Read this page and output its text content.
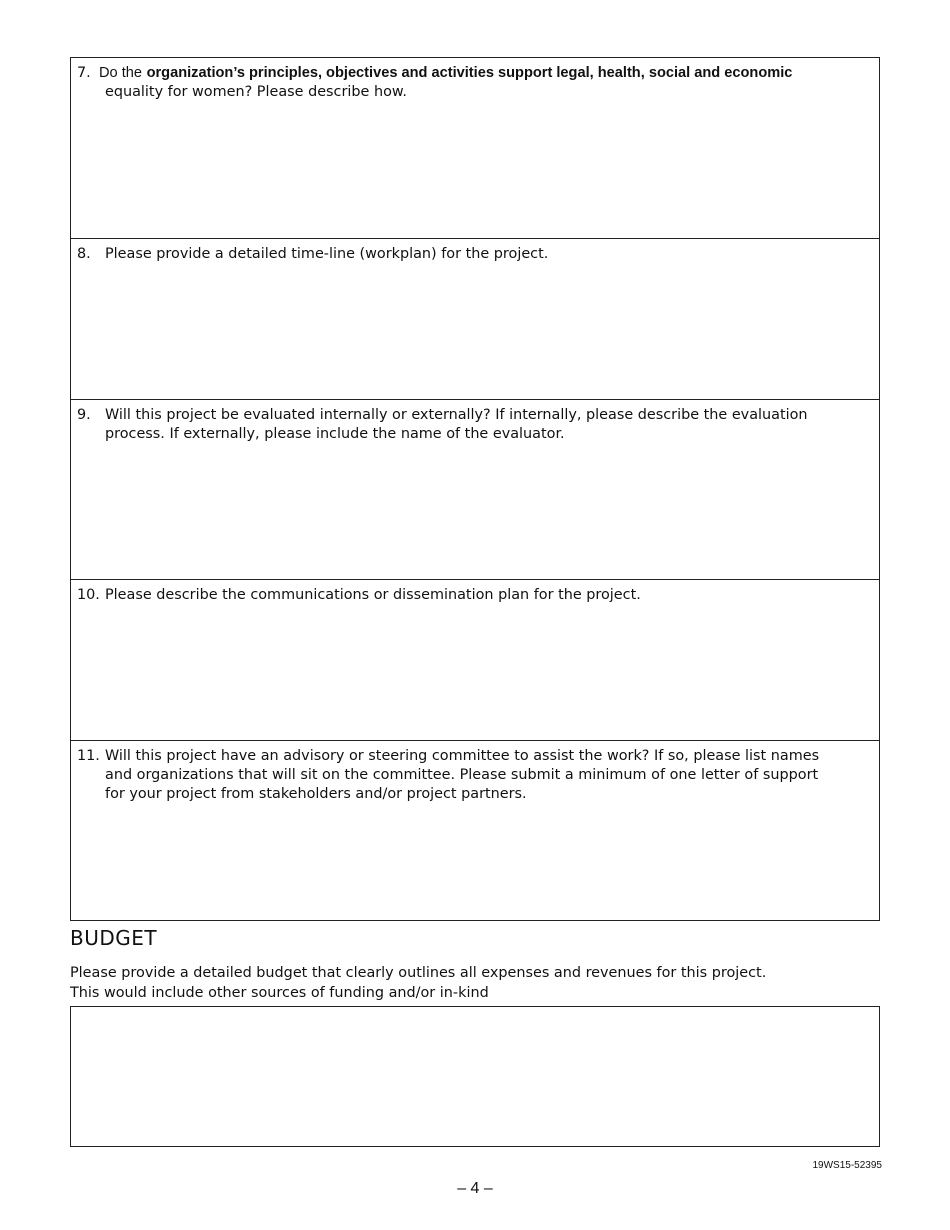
7. Do the organization’s principles, objectives and activities support legal, health, social and economic
equality for women? Please describe how.
8. Please provide a detailed time-line (workplan) for the project.
9. Will this project be evaluated internally or externally? If internally, please describe the evaluation process. If externally, please include the name of the evaluator.
10. Please describe the communications or dissemination plan for the project.
11. Will this project have an advisory or steering committee to assist the work? If so, please list names and organizations that will sit on the committee. Please submit a minimum of one letter of support for your project from stakeholders and/or project partners.
BUDGET
Please provide a detailed budget that clearly outlines all expenses and revenues for this project.
This would include other sources of funding and/or in-kind
19WS15-52395
– 4 –
